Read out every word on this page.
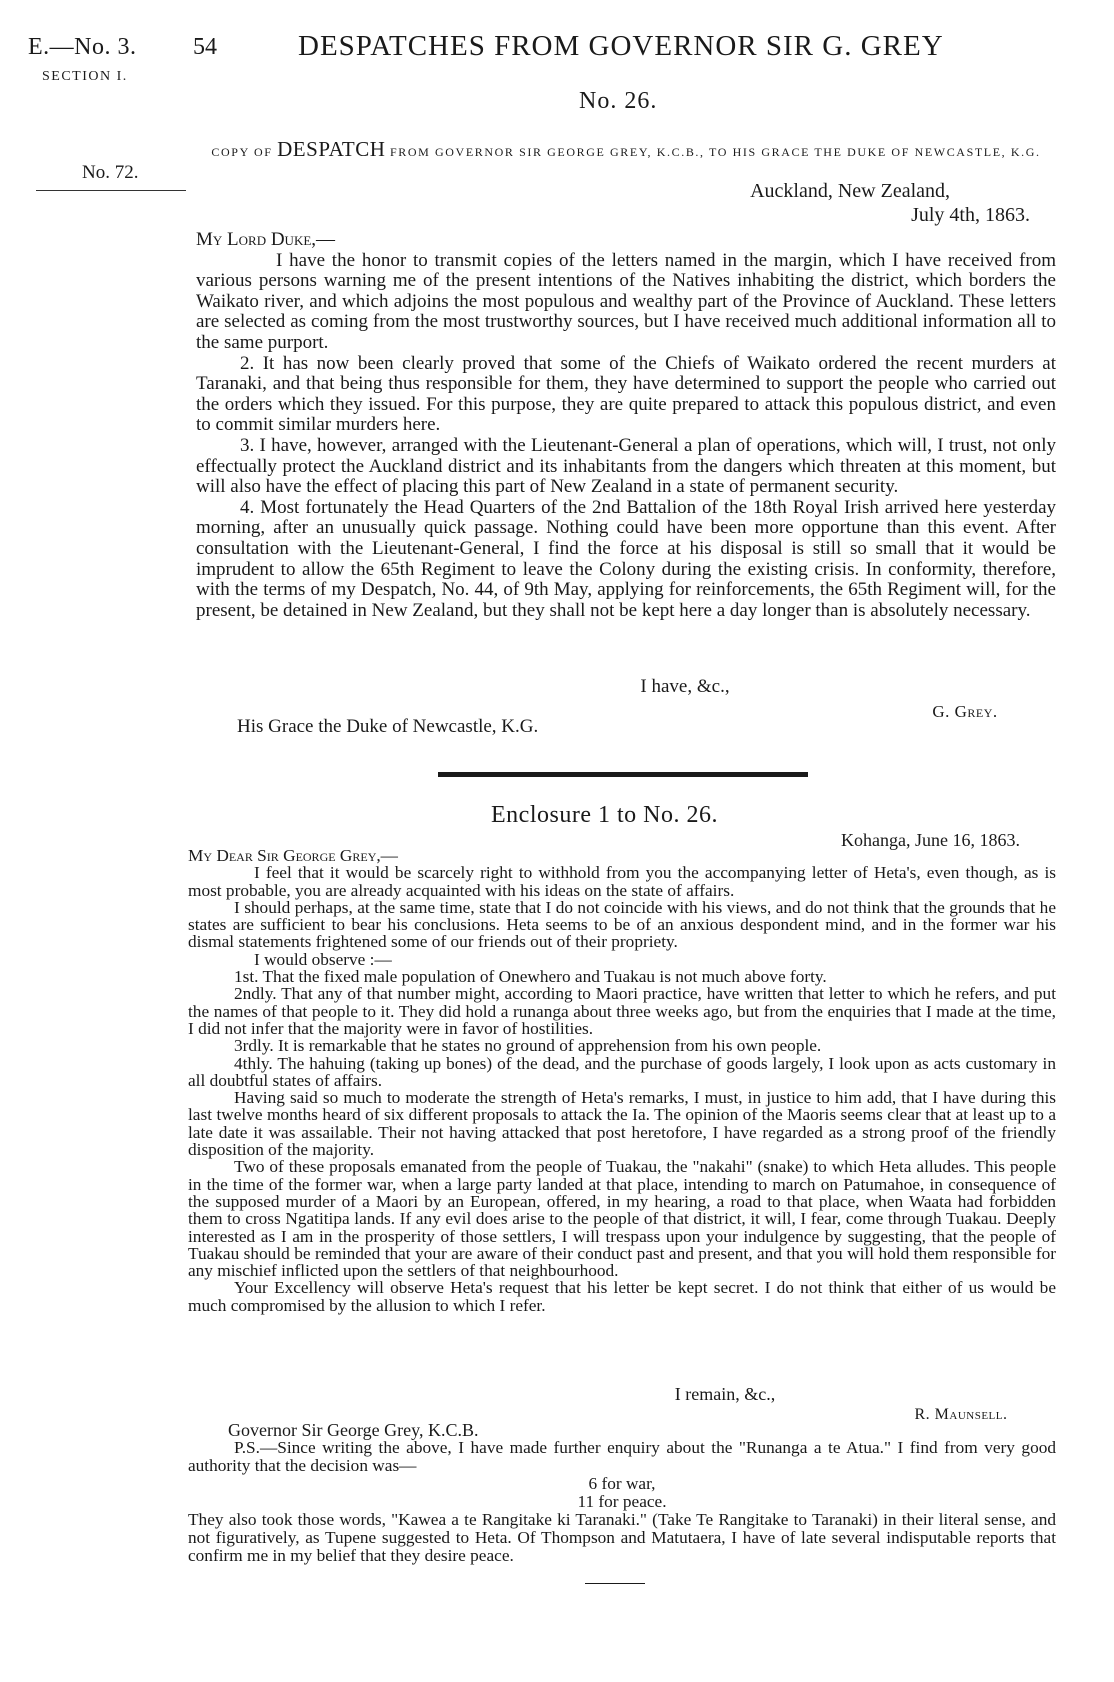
E.—No. 3.
SECTION I.
54	DESPATCHES FROM GOVERNOR SIR G. GREY
No. 26.
COPY OF DESPATCH FROM GOVERNOR SIR GEORGE GREY, K.C.B., TO HIS GRACE THE DUKE OF NEWCASTLE, K.G.
No. 72.
Auckland, New Zealand,
July 4th, 1863.

My Lord Duke,—

I have the honor to transmit copies of the letters named in the margin, which I have received from various persons warning me of the present intentions of the Natives inhabiting the district, which borders the Waikato river, and which adjoins the most populous and wealthy part of the Province of Auckland. These letters are selected as coming from the most trustworthy sources, but I have received much additional information all to the same purport.

2. It has now been clearly proved that some of the Chiefs of Waikato ordered the recent murders at Taranaki, and that being thus responsible for them, they have determined to support the people who carried out the orders which they issued. For this purpose, they are quite prepared to attack this populous district, and even to commit similar murders here.

3. I have, however, arranged with the Lieutenant-General a plan of operations, which will, I trust, not only effectually protect the Auckland district and its inhabitants from the dangers which threaten at this moment, but will also have the effect of placing this part of New Zealand in a state of permanent security.

4. Most fortunately the Head Quarters of the 2nd Battalion of the 18th Royal Irish arrived here yesterday morning, after an unusually quick passage. Nothing could have been more opportune than this event. After consultation with the Lieutenant-General, I find the force at his disposal is still so small that it would be imprudent to allow the 65th Regiment to leave the Colony during the existing crisis. In conformity, therefore, with the terms of my Despatch, No. 44, of 9th May, applying for reinforcements, the 65th Regiment will, for the present, be detained in New Zealand, but they shall not be kept here a day longer than is absolutely necessary.

I have, &c.,
G. Grey.
His Grace the Duke of Newcastle, K.G.
Enclosure 1 to No. 26.
Kohanga, June 16, 1863.

My Dear Sir George Grey,—

I feel that it would be scarcely right to withhold from you the accompanying letter of Heta's, even though, as is most probable, you are already acquainted with his ideas on the state of affairs.

I should perhaps, at the same time, state that I do not coincide with his views, and do not think that the grounds that he states are sufficient to bear his conclusions. Heta seems to be of an anxious despondent mind, and in the former war his dismal statements frightened some of our friends out of their propriety.

I would observe :—

1st. That the fixed male population of Onewhero and Tuakau is not much above forty.

2ndly. That any of that number might, according to Maori practice, have written that letter to which he refers, and put the names of that people to it. They did hold a runanga about three weeks ago, but from the enquiries that I made at the time, I did not infer that the majority were in favor of hostilities.

3rdly. It is remarkable that he states no ground of apprehension from his own people.

4thly. The hahuing (taking up bones) of the dead, and the purchase of goods largely, I look upon as acts customary in all doubtful states of affairs.

Having said so much to moderate the strength of Heta's remarks, I must, in justice to him add, that I have during this last twelve months heard of six different proposals to attack the Ia. The opinion of the Maoris seems clear that at least up to a late date it was assailable. Their not having attacked that post heretofore, I have regarded as a strong proof of the friendly disposition of the majority.

Two of these proposals emanated from the people of Tuakau, the "nakahi" (snake) to which Heta alludes. This people in the time of the former war, when a large party landed at that place, intending to march on Patumahoe, in consequence of the supposed murder of a Maori by an European, offered, in my hearing, a road to that place, when Waata had forbidden them to cross Ngatitipa lands. If any evil does arise to the people of that district, it will, I fear, come through Tuakau. Deeply interested as I am in the prosperity of those settlers, I will trespass upon your indulgence by suggesting, that the people of Tuakau should be reminded that your are aware of their conduct past and present, and that you will hold them responsible for any mischief inflicted upon the settlers of that neighbourhood.

Your Excellency will observe Heta's request that his letter be kept secret. I do not think that either of us would be much compromised by the allusion to which I refer.

I remain, &c.,
R. Maunsell.
Governor Sir George Grey, K.C.B.

P.S.—Since writing the above, I have made further enquiry about the "Runanga a te Atua." I find from very good authority that the decision was—

6 for war,

11 for peace.

They also took those words, "Kawea a te Rangitake ki Taranaki." (Take Te Rangitake to Taranaki) in their literal sense, and not figuratively, as Tupene suggested to Heta. Of Thompson and Matutaera, I have of late several indisputable reports that confirm me in my belief that they desire peace.
